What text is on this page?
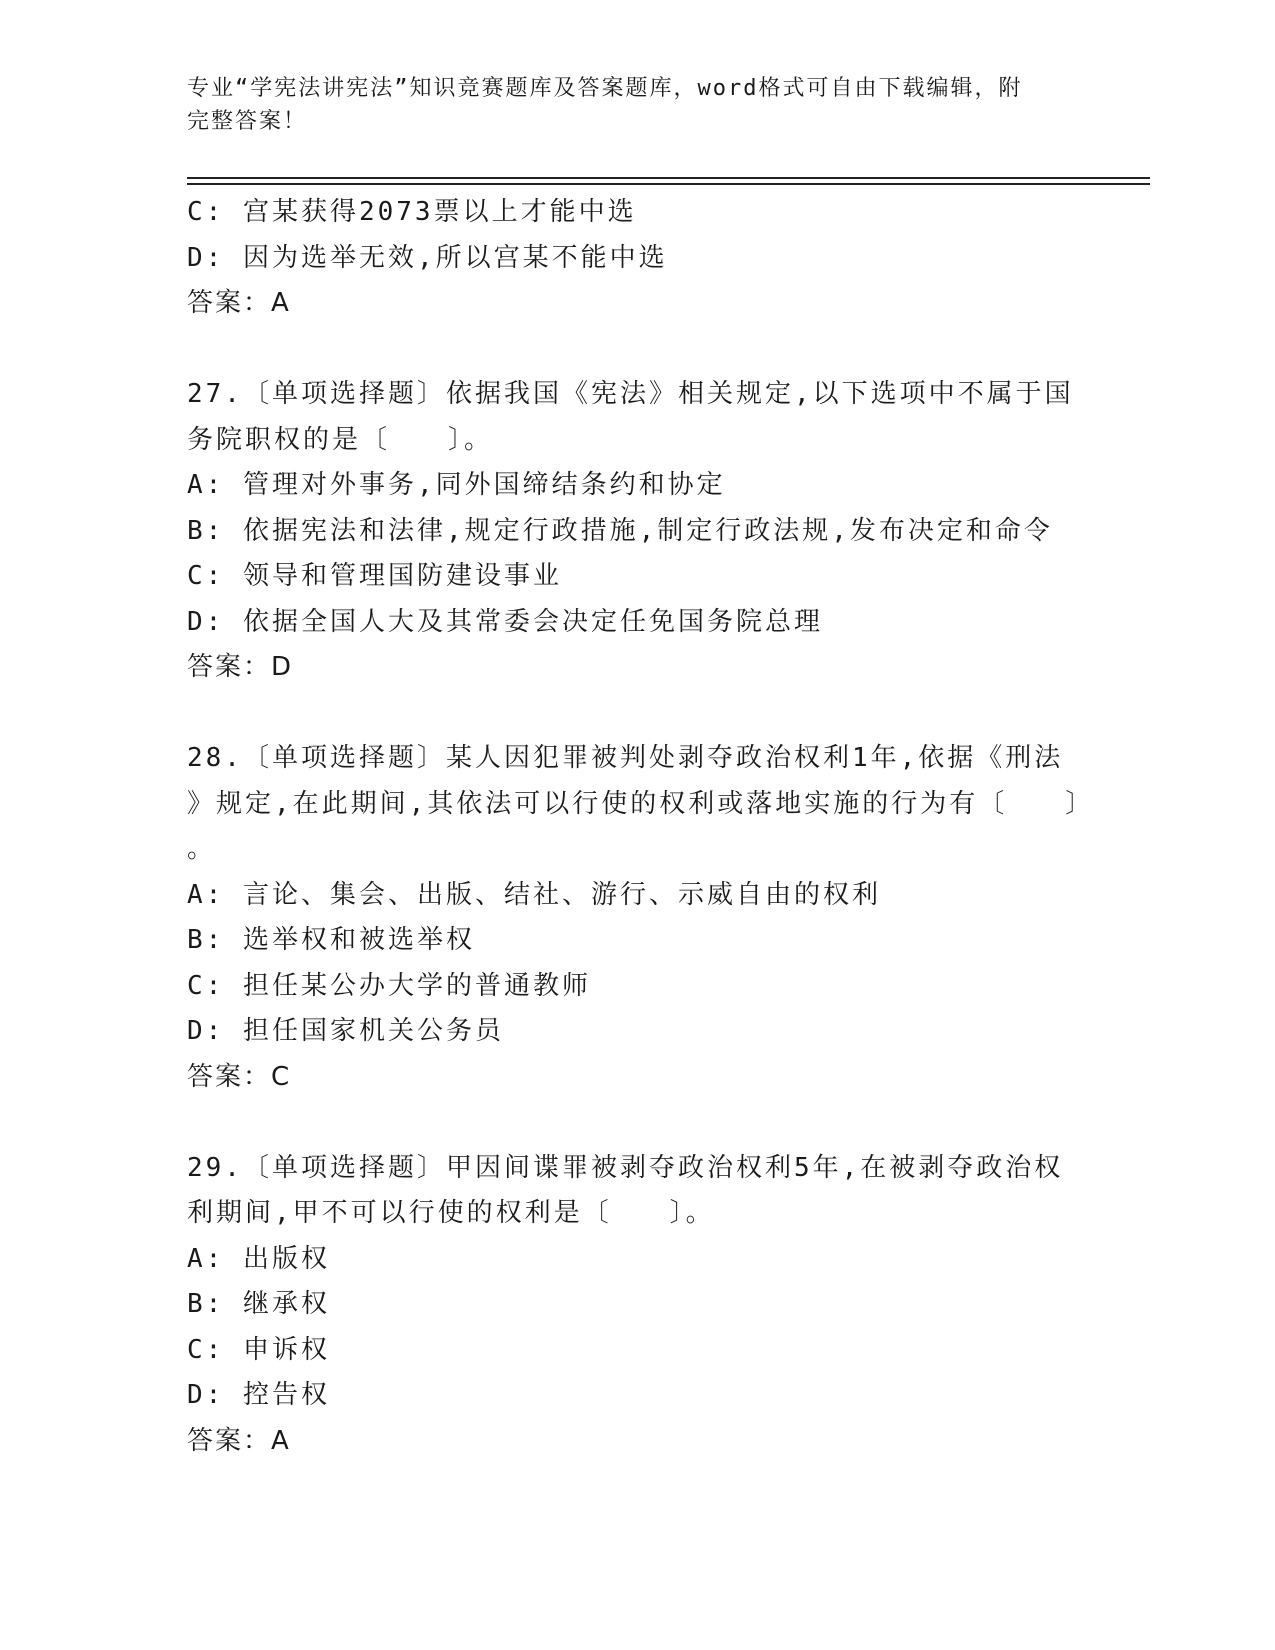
专业“学宪法讲宪法”知识竞赛题库及答案题库，word格式可自由下载编辑，附
完整答案！
C: 宫某获得2073票以上才能中选
D: 因为选举无效,所以宫某不能中选
答案：A
27.〔单项选择题〕依据我国《宪法》相关规定,以下选项中不属于国
务院职权的是〔　　〕。
A: 管理对外事务,同外国缔结条约和协定
B: 依据宪法和法律,规定行政措施,制定行政法规,发布决定和命令
C: 领导和管理国防建设事业
D: 依据全国人大及其常委会决定任免国务院总理
答案：D
28.〔单项选择题〕某人因犯罪被判处剥夺政治权利1年,依据《刑法
》规定,在此期间,其依法可以行使的权利或落地实施的行为有〔　　〕
。
A: 言论、集会、出版、结社、游行、示威自由的权利
B: 选举权和被选举权
C: 担任某公办大学的普通教师
D: 担任国家机关公务员
答案：C
29.〔单项选择题〕甲因间谍罪被剥夺政治权利5年,在被剥夺政治权
利期间,甲不可以行使的权利是〔　　〕。
A: 出版权
B: 继承权
C: 申诉权
D: 控告权
答案：A
